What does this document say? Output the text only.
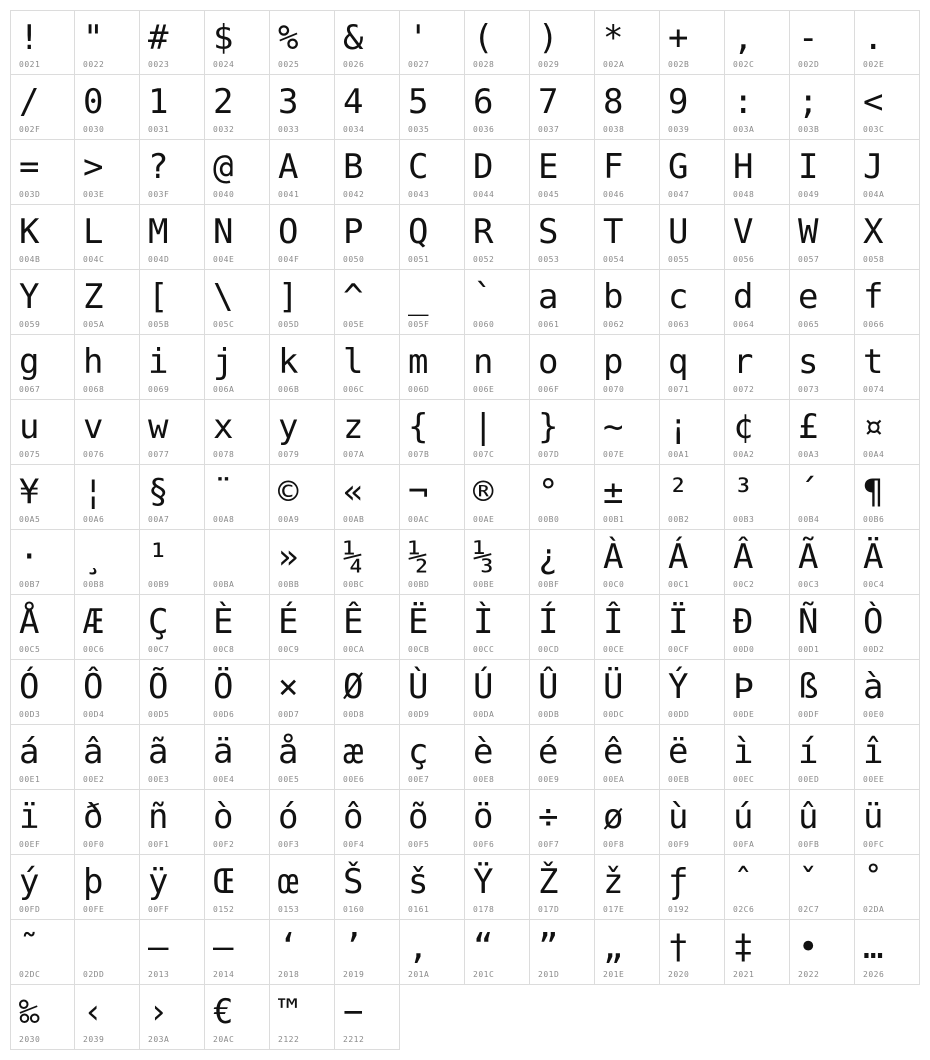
!
0021
"
0022
#
0023
$
0024
%
0025
&
0026
'
0027
(
0028
)
0029
*
002A
+
002B
,
002C
-
002D
.
002E
/
002F
0
0030
1
0031
2
0032
3
0033
4
0034
5
0035
6
0036
7
0037
8
0038
9
0039
:
003A
;
003B
<
003C
=
003D
>
003E
?
003F
@
0040
A
0041
B
0042
C
0043
D
0044
E
0045
F
0046
G
0047
H
0048
I
0049
J
004A
K
004B
L
004C
M
004D
N
004E
O
004F
P
0050
Q
0051
R
0052
S
0053
T
0054
U
0055
V
0056
W
0057
X
0058
Y
0059
Z
005A
[
005B
\
005C
]
005D
^
005E
_
005F
`
0060
a
0061
b
0062
c
0063
d
0064
e
0065
f
0066
g
0067
h
0068
i
0069
j
006A
k
006B
l
006C
m
006D
n
006E
o
006F
p
0070
q
0071
r
0072
s
0073
t
0074
u
0075
v
0076
w
0077
x
0078
y
0079
z
007A
{
007B
|
007C
}
007D
~
007E
¡
00A1
¢
00A2
£
00A3
¤
00A4
¥
00A5
¦
00A6
§
00A7
¨
00A8
©
00A9
«
00AB
¬
00AC
®
00AE
°
00B0
±
00B1
²
00B2
³
00B3
´
00B4
¶
00B6
·
00B7
¸
00B8
¹
00B9	00BA
»
00BB
¼
00BC
½
00BD
⅓
00BE
¿
00BF
À
00C0
Á
00C1
Â
00C2
Ã
00C3
Ä
00C4
Å
00C5
Æ
00C6
Ç
00C7
È
00C8
É
00C9
Ê
00CA
Ë
00CB
Ì
00CC
Í
00CD
Î
00CE
Ï
00CF
Ð
00D0
Ñ
00D1
Ò
00D2
Ó
00D3
Ô
00D4
Õ
00D5
Ö
00D6
×
00D7
Ø
00D8
Ù
00D9
Ú
00DA
Û
00DB
Ü
00DC
Ý
00DD
Þ
00DE
ß
00DF
à
00E0
á
00E1
â
00E2
ã
00E3
ä
00E4
å
00E5
æ
00E6
ç
00E7
è
00E8
é
00E9
ê
00EA
ë
00EB
ì
00EC
í
00ED
î
00EE
ï
00EF
ð
00F0
ñ
00F1
ò
00F2
ó
00F3
ô
00F4
õ
00F5
ö
00F6
÷
00F7
ø
00F8
ù
00F9
ú
00FA
û
00FB
ü
00FC
ý
00FD
þ
00FE
ÿ
00FF
Œ
0152
œ
0153
Š
0160
š
0161
Ÿ
0178
Ž
017D
ž
017E
ƒ
0192
ˆ
02C6
ˇ
02C7
˚
02DA
˜
02DC	02DD
–
2013
—
2014
‘
2018
’
2019
‚
201A
“
201C
”
201D
„
201E
†
2020
‡
2021
•
2022
…
2026
‰
2030
‹
2039
›
203A
€
20AC
™
2122
−
2212
